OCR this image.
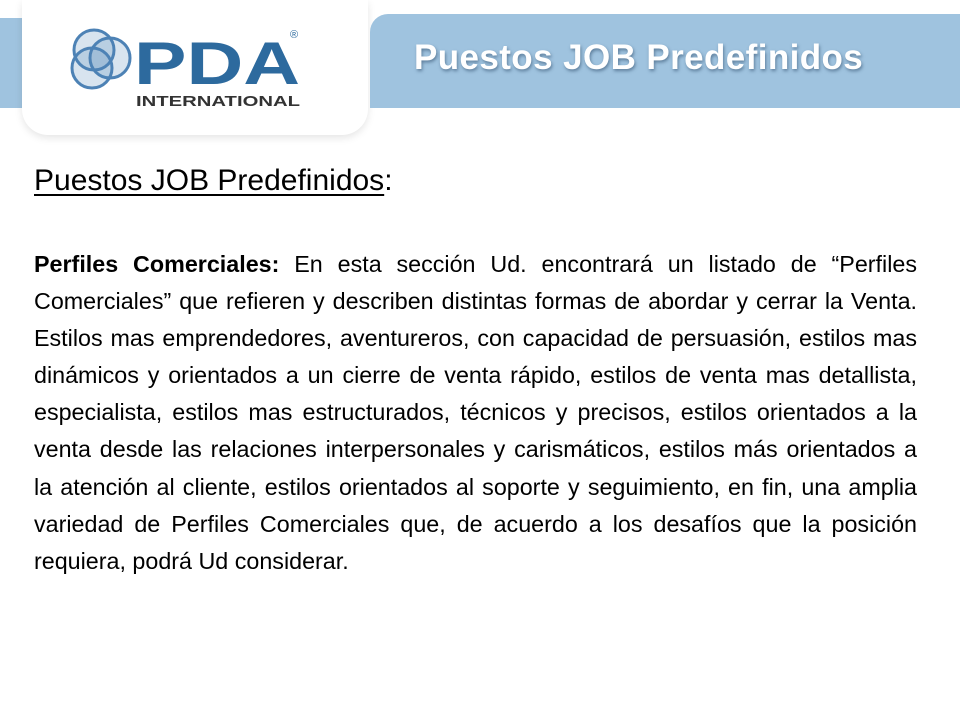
PDA
®
INTERNATIONAL
Puestos JOB Predefinidos
Puestos JOB Predefinidos:

Perfiles Comerciales: En esta sección Ud. encontrará un listado de “Perfiles Comerciales” que refieren y describen distintas formas de abordar y cerrar la Venta. Estilos mas emprendedores, aventureros, con capacidad de persuasión, estilos mas dinámicos y orientados a un cierre de venta rápido, estilos de venta mas detallista, especialista, estilos mas estructurados, técnicos y precisos, estilos orientados a la venta desde las relaciones interpersonales y carismáticos, estilos más orientados a la atención al cliente, estilos orientados al soporte y seguimiento, en fin, una amplia variedad de Perfiles Comerciales que, de acuerdo a los desafíos que la posición requiera, podrá Ud considerar.
